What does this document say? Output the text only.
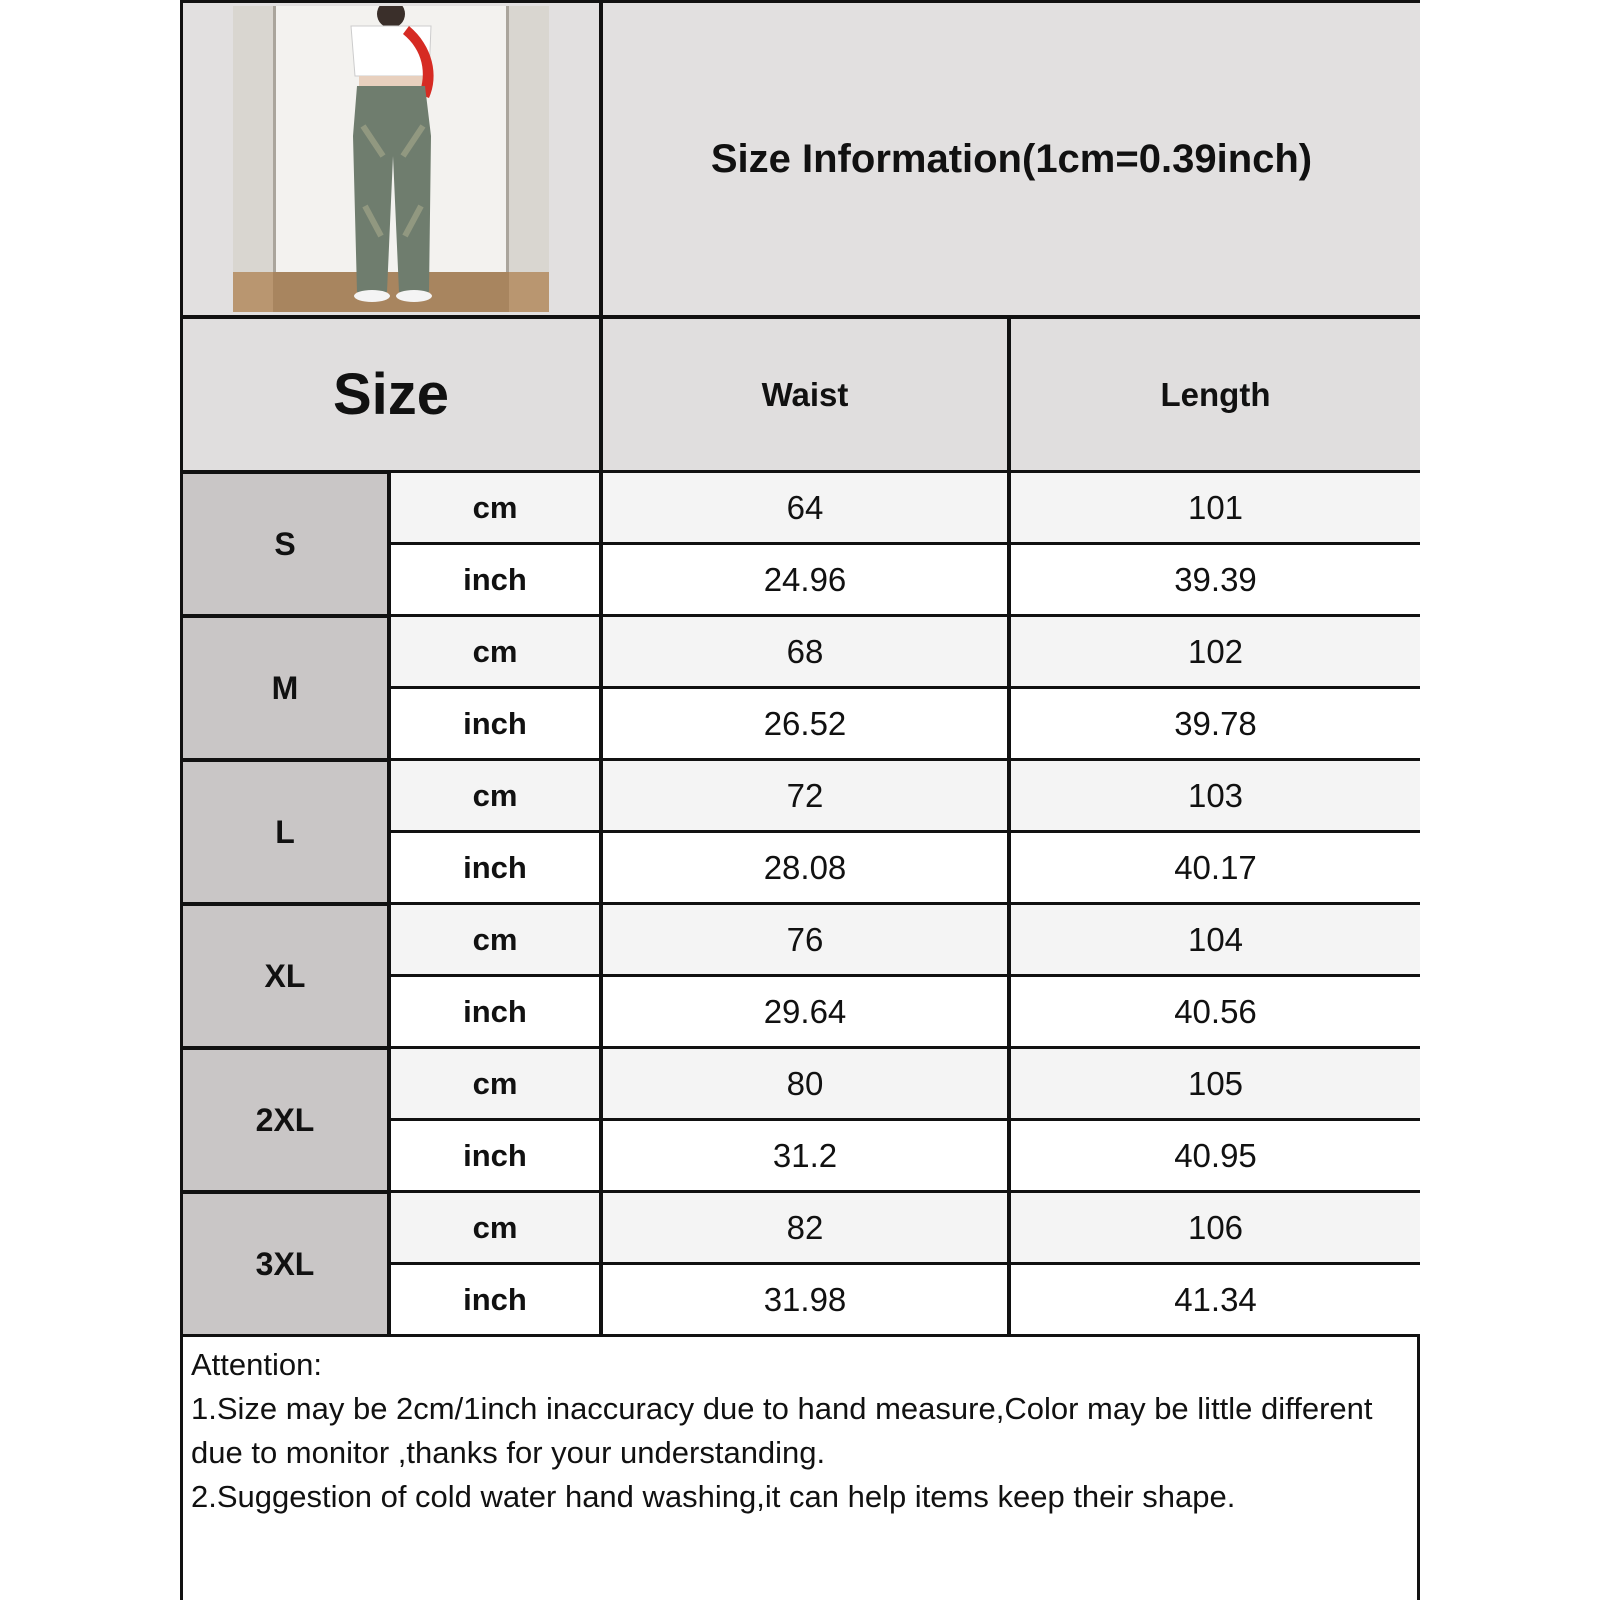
Size Information(1cm=0.39inch)
Size	Waist	Length
S
cm	64	101
inch	24.96	39.39
M
cm	68	102
inch	26.52	39.78
L
cm	72	103
inch	28.08	40.17
XL
cm	76	104
inch	29.64	40.56
2XL
cm	80	105
inch	31.2	40.95
3XL
cm	82	106
inch	31.98	41.34
Attention:
1.Size may be 2cm/1inch inaccuracy due to hand measure,Color may be little different due to monitor ,thanks for your understanding.
2.Suggestion of cold water hand washing,it can help items keep their shape.
